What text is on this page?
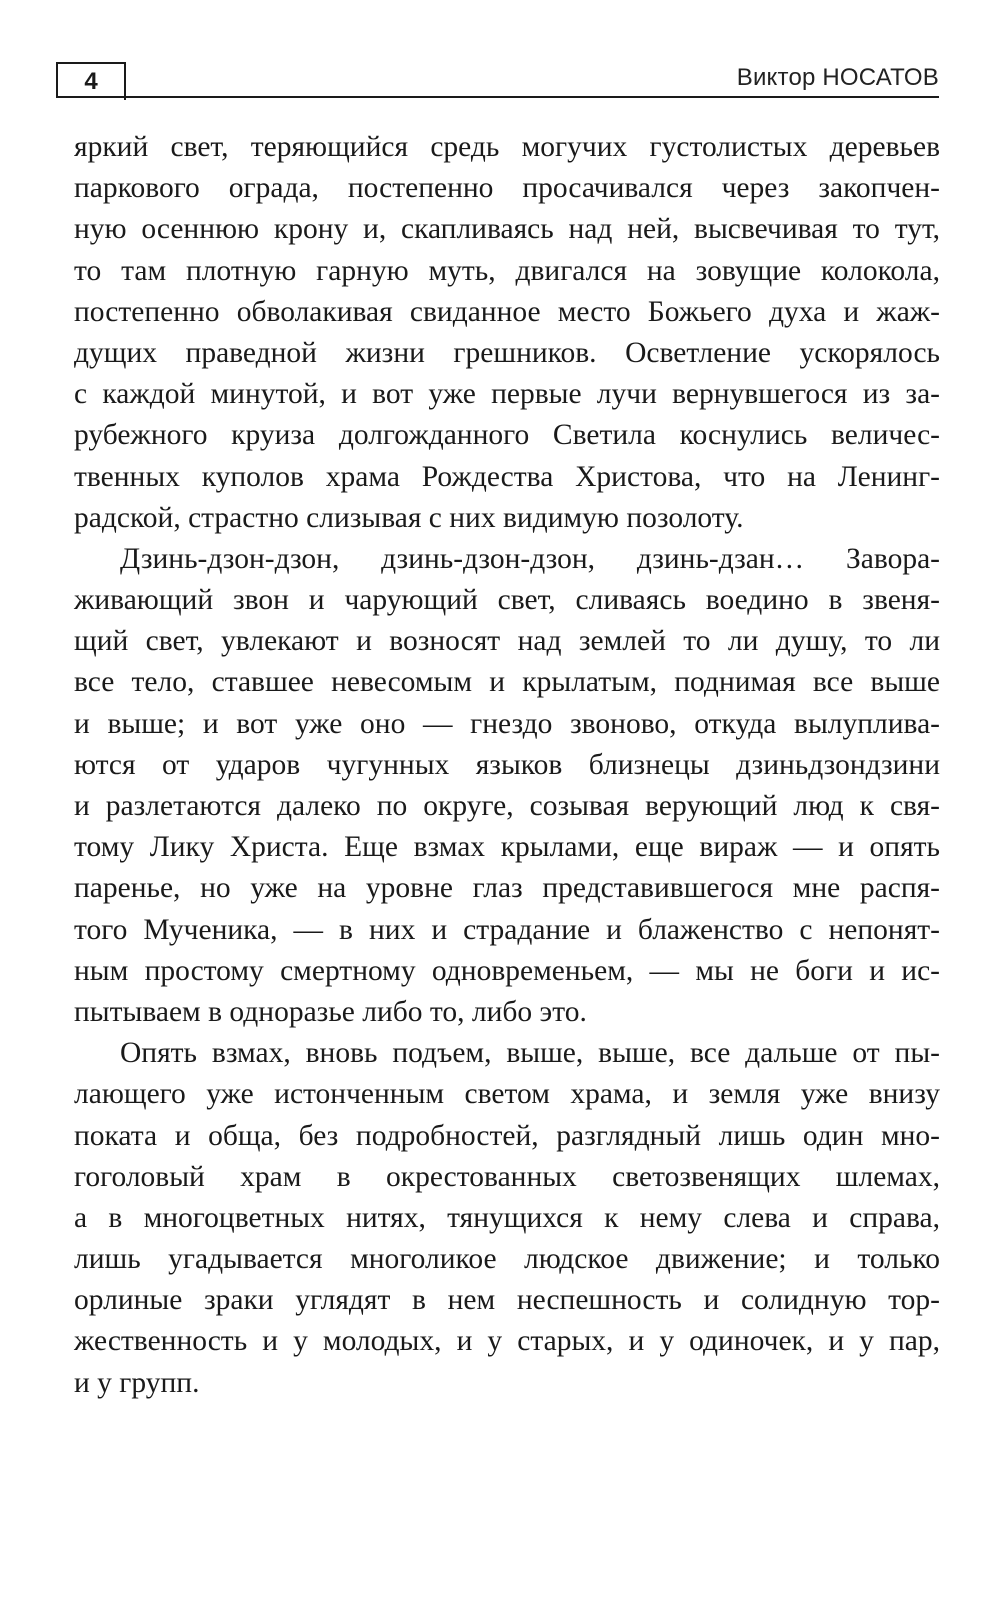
4	Виктор НОСАТОВ
яркий свет, теряющийся средь могучих густолистых деревьев
паркового ограда, постепенно просачивался через закопчен-
ную осеннюю крону и, скапливаясь над ней, высвечивая то тут,
то там плотную гарную муть, двигался на зовущие колокола,
постепенно обволакивая свиданное место Божьего духа и жаж-
дущих праведной жизни грешников. Осветление ускорялось
с каждой минутой, и вот уже первые лучи вернувшегося из за-
рубежного круиза долгожданного Светила коснулись величес-
твенных куполов храма Рождества Христова, что на Ленинг-
радской, страстно слизывая с них видимую позолоту.
Дзинь-дзон-дзон, дзинь-дзон-дзон, дзинь-дзан… Завора-
живающий звон и чарующий свет, сливаясь воедино в звеня-
щий свет, увлекают и возносят над землей то ли душу, то ли
все тело, ставшее невесомым и крылатым, поднимая все выше
и выше; и вот уже оно — гнездо звоново, откуда вылуплива-
ются от ударов чугунных языков близнецы дзиньдзондзини
и разлетаются далеко по округе, созывая верующий люд к свя-
тому Лику Христа. Еще взмах крылами, еще вираж — и опять
паренье, но уже на уровне глаз представившегося мне распя-
того Мученика, — в них и страдание и блаженство с непонят-
ным простому смертному одновременьем, — мы не боги и ис-
пытываем в одноразье либо то, либо это.
Опять взмах, вновь подъем, выше, выше, все дальше от пы-
лающего уже истонченным светом храма, и земля уже внизу
поката и обща, без подробностей, разглядный лишь один мно-
гоголовый храм в окрестованных светозвенящих шлемах,
а в многоцветных нитях, тянущихся к нему слева и справа,
лишь угадывается многоликое людское движение; и только
орлиные зраки углядят в нем неспешность и солидную тор-
жественность и у молодых, и у старых, и у одиночек, и у пар,
и у групп.
